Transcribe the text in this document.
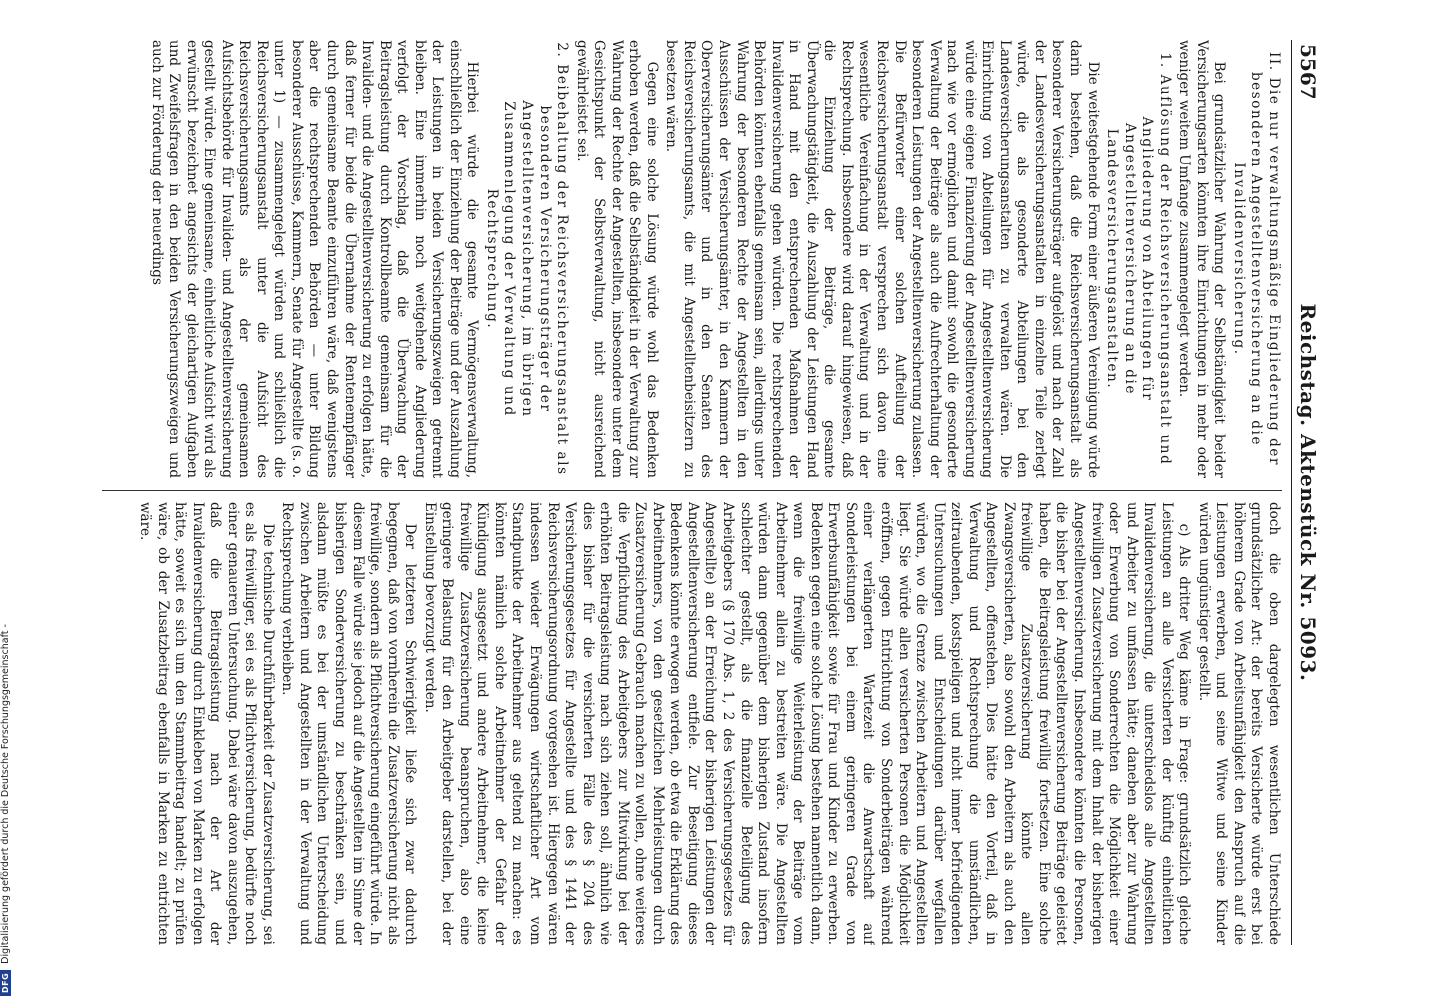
DFG
Digitalisierung gefördert durch die Deutsche Forschungsgemeinschaft -
5567
Reichstag. Aktenstück Nr. 5093.

II. Die nur verwaltungsmäßige Eingliederung der besonderen Angestelltenversicherung an die Invalidenversicherung.

Bei grundsätzlicher Wahrung der Selbständigkeit beider Versicherungsarten könnten ihre Einrichtungen in mehr oder weniger weitem Umfange zusammengelegt werden.

1. Auflösung der Reichsversicherungsanstalt und Angliederung von Abteilungen für Angestelltenversicherung an die Landesversicherungsanstalten.

Die weitestgehende Form einer äußeren Vereinigung würde darin bestehen, daß die Reichsversicherungsanstalt als besonderer Versicherungsträger aufgelöst und nach der Zahl der Landesversicherungsanstalten in einzelne Teile zerlegt würde, die als gesonderte Abteilungen bei den Landesversicherungsanstalten zu verwalten wären. Die Einrichtung von Abteilungen für Angestelltenversicherung würde eine eigene Finanzierung der Angestelltenversicherung nach wie vor ermöglichen und damit sowohl die gesonderte Verwaltung der Beiträge als auch die Aufrechterhaltung der besonderen Leistungen der Angestelltenversicherung zulassen. Die Befürworter einer solchen Aufteilung der Reichsversicherungsanstalt versprechen sich davon eine wesentliche Vereinfachung in der Verwaltung und in der Rechtsprechung. Insbesondere wird darauf hingewiesen, daß die Einziehung der Beiträge, die gesamte Überwachungstätigkeit, die Auszahlung der Leistungen Hand in Hand mit den entsprechenden Maßnahmen der Invalidenversicherung gehen würden. Die rechtsprechenden Behörden könnten ebenfalls gemeinsam sein, allerdings unter Wahrung der besonderen Rechte der Angestellten in den Ausschüssen der Versicherungsämter, in den Kammern der Oberversicherungsämter und in den Senaten des Reichsversicherungsamts, die mit Angestelltenbeisitzern zu besetzen wären.

Gegen eine solche Lösung würde wohl das Bedenken erhoben werden, daß die Selbständigkeit in der Verwaltung zur Wahrung der Rechte der Angestellten, insbesondere unter dem Gesichtspunkt der Selbstverwaltung, nicht ausreichend gewährleistet sei.

2. Beibehaltung der Reichsversicherungsanstalt als besonderen Versicherungsträger der Angestelltenversicherung, im übrigen Zusammenlegung der Verwaltung und Rechtsprechung.

Hierbei würde die gesamte Vermögensverwaltung, einschließlich der Einziehung der Beiträge und der Auszahlung der Leistungen in beiden Versicherungszweigen getrennt bleiben. Eine immerhin noch weitgehende Angliederung verfolgt der Vorschlag, daß die Überwachung der Beitragsleistung durch Kontrollbeamte gemeinsam für die Invaliden- und die Angestelltenversicherung zu erfolgen hätte, daß ferner für beide die Übernahme der Rentenempfänger durch gemeinsame Beamte einzuführen wäre, daß wenigstens aber die rechtsprechenden Behörden — unter Bildung besonderer Ausschüsse, Kammern, Senate für Angestellte (s. o. unter 1) — zusammengelegt würden und schließlich die Reichsversicherungsanstalt unter die Aufsicht des Reichsversicherungsamts als der gemeinsamen Aufsichtsbehörde für Invaliden- und Angestelltenversicherung gestellt würde. Eine gemeinsame, einheitliche Aufsicht wird als erwünscht bezeichnet angesichts der gleichartigen Aufgaben und Zweifelsfragen in den beiden Versicherungszweigen und auch zur Förderung der neuerdings

doch die oben dargelegten wesentlichen Unterschiede grundsätzlicher Art: der bereits Versicherte würde erst bei höherem Grade von Arbeitsunfähigkeit den Anspruch auf die Leistungen erwerben, und seine Witwe und seine Kinder würden ungünstiger gestellt.

c) Als dritter Weg käme in Frage: grundsätzlich gleiche Leistungen an alle Versicherten der künftig einheitlichen Invalidenversicherung, die unterschiedslos alle Angestellten und Arbeiter zu umfassen hätte; daneben aber zur Wahrung oder Erwerbung von Sonderrechten die Möglichkeit einer freiwilligen Zusatzversicherung mit dem Inhalt der bisherigen Angestelltenversicherung. Insbesondere könnten die Personen, die bisher bei der Angestelltenversicherung Beiträge geleistet haben, die Beitragsleistung freiwillig fortsetzen. Eine solche freiwillige Zusatzversicherung könnte allen Zwangsversicherten, also sowohl den Arbeitern als auch den Angestellten, offenstehen. Dies hätte den Vorteil, daß in Verwaltung und Rechtsprechung die umständlichen, zeitraubenden, kostspieligen und nicht immer befriedigenden Untersuchungen und Entscheidungen darüber wegfallen würden, wo die Grenze zwischen Arbeitern und Angestellten liegt. Sie würde allen versicherten Personen die Möglichkeit eröffnen, gegen Entrichtung von Sonderbeiträgen während einer verlängerten Wartezeit die Anwartschaft auf Sonderleistungen bei einem geringeren Grade von Erwerbsunfähigkeit sowie für Frau und Kinder zu erwerben. Bedenken gegen eine solche Lösung bestehen namentlich dann, wenn die freiwillige Weiterleistung der Beiträge vom Arbeitnehmer allein zu bestreiten wäre. Die Angestellten würden dann gegenüber dem bisherigen Zustand insofern schlechter gestellt, als die finanzielle Beteiligung des Arbeitgebers (§ 170 Abs. 1, 2 des Versicherungsgesetzes für Angestellte) an der Erreichung der bisherigen Leistungen der Angestelltenversicherung entfiele. Zur Beseitigung dieses Bedenkens könnte erwogen werden, ob etwa die Erklärung des Arbeitnehmers, von den gesetzlichen Mehrleistungen durch Zusatzversicherung Gebrauch machen zu wollen, ohne weiteres die Verpflichtung des Arbeitgebers zur Mitwirkung bei der erhöhten Beitragsleistung nach sich ziehen soll, ähnlich wie dies bisher für die versicherten Fälle des § 204 des Versicherungsgesetzes für Angestellte und des § 1441 der Reichsversicherungsordnung vorgesehen ist. Hiergegen wären indessen wieder Erwägungen wirtschaftlicher Art vom Standpunkte der Arbeitnehmer aus geltend zu machen: es könnten nämlich solche Arbeitnehmer der Gefahr der Kündigung ausgesetzt und andere Arbeitnehmer, die keine freiwillige Zusatzversicherung beanspruchen, also eine geringere Belastung für den Arbeitgeber darstellen, bei der Einstellung bevorzugt werden.

Der letzteren Schwierigkeit ließe sich zwar dadurch begegnen, daß von vornherein die Zusatzversicherung nicht als freiwillige, sondern als Pflichtversicherung eingeführt würde. In diesem Falle würde sie jedoch auf die Angestellten im Sinne der bisherigen Sonderversicherung zu beschränken sein, und alsdann müßte es bei der umständlichen Unterscheidung zwischen Arbeitern und Angestellten in der Verwaltung und Rechtsprechung verbleiben.

Die technische Durchführbarkeit der Zusatzversicherung, sei es als freiwilliger, sei es als Pflichtversicherung, bedürfte noch einer genaueren Untersuchung. Dabei wäre davon auszugehen, daß die Beitragsleistung nach der Art der Invalidenversicherung durch Einkleben von Marken zu erfolgen hätte, soweit es sich um den Stammbeitrag handelt; zu prüfen wäre, ob der Zusatzbeitrag ebenfalls in Marken zu entrichten wäre.
